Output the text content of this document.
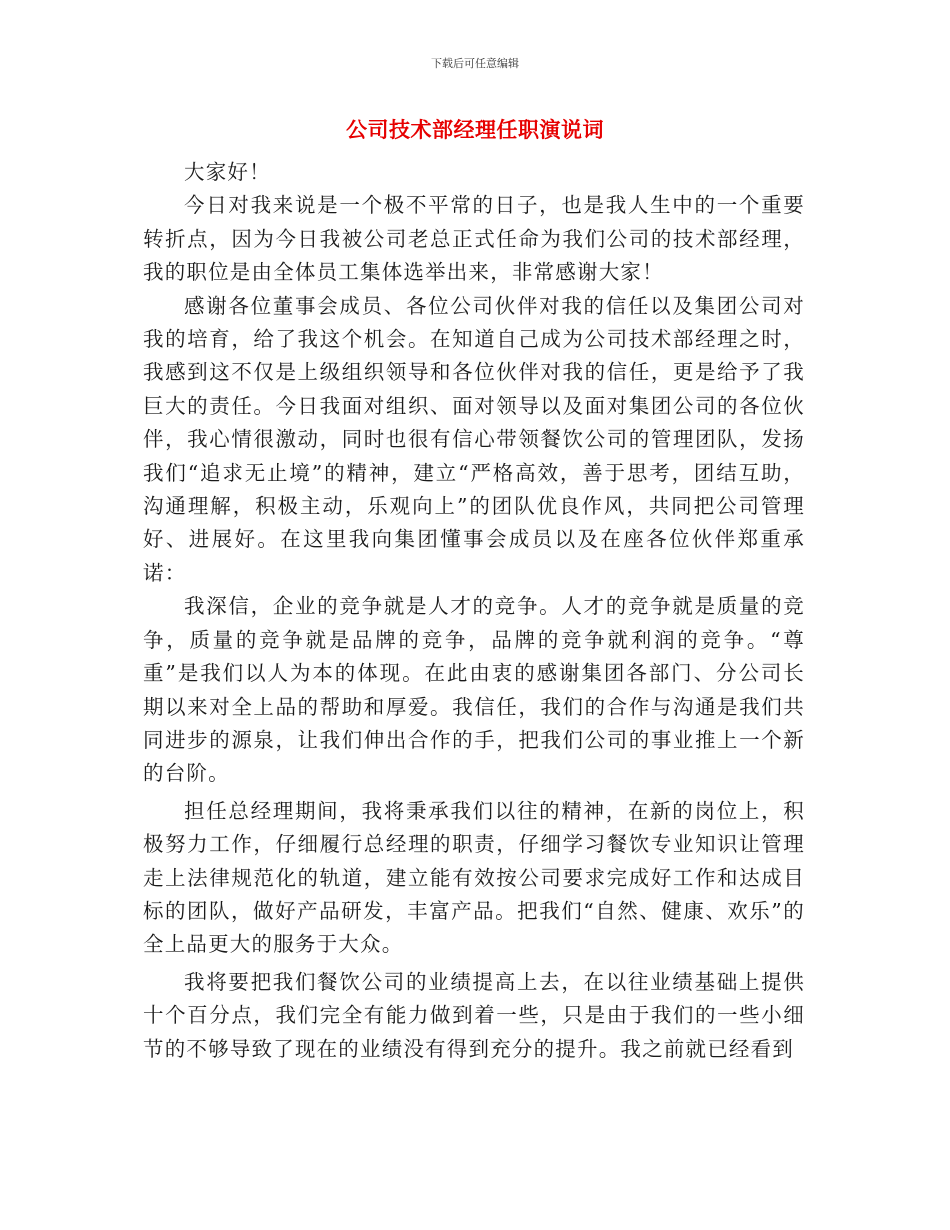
下载后可任意编辑
公司技术部经理任职演说词

大家好！

今日对我来说是一个极不平常的日子，也是我人生中的一个重要转折点，因为今日我被公司老总正式任命为我们公司的技术部经理，我的职位是由全体员工集体选举出来，非常感谢大家！

感谢各位董事会成员、各位公司伙伴对我的信任以及集团公司对我的培育，给了我这个机会。在知道自己成为公司技术部经理之时，我感到这不仅是上级组织领导和各位伙伴对我的信任，更是给予了我巨大的责任。今日我面对组织、面对领导以及面对集团公司的各位伙伴，我心情很激动，同时也很有信心带领餐饮公司的管理团队，发扬我们“追求无止境”的精神，建立“严格高效，善于思考，团结互助，沟通理解，积极主动，乐观向上”的团队优良作风，共同把公司管理好、进展好。在这里我向集团懂事会成员以及在座各位伙伴郑重承诺：

我深信，企业的竞争就是人才的竞争。人才的竞争就是质量的竞争，质量的竞争就是品牌的竞争，品牌的竞争就利润的竞争。“尊重”是我们以人为本的体现。在此由衷的感谢集团各部门、分公司长期以来对全上品的帮助和厚爱。我信任，我们的合作与沟通是我们共同进步的源泉，让我们伸出合作的手，把我们公司的事业推上一个新的台阶。

担任总经理期间，我将秉承我们以往的精神，在新的岗位上，积极努力工作，仔细履行总经理的职责，仔细学习餐饮专业知识让管理走上法律规范化的轨道，建立能有效按公司要求完成好工作和达成目标的团队，做好产品研发，丰富产品。把我们“自然、健康、欢乐”的全上品更大的服务于大众。

我将要把我们餐饮公司的业绩提高上去，在以往业绩基础上提供十个百分点，我们完全有能力做到着一些，只是由于我们的一些小细节的不够导致了现在的业绩没有得到充分的提升。我之前就已经看到
